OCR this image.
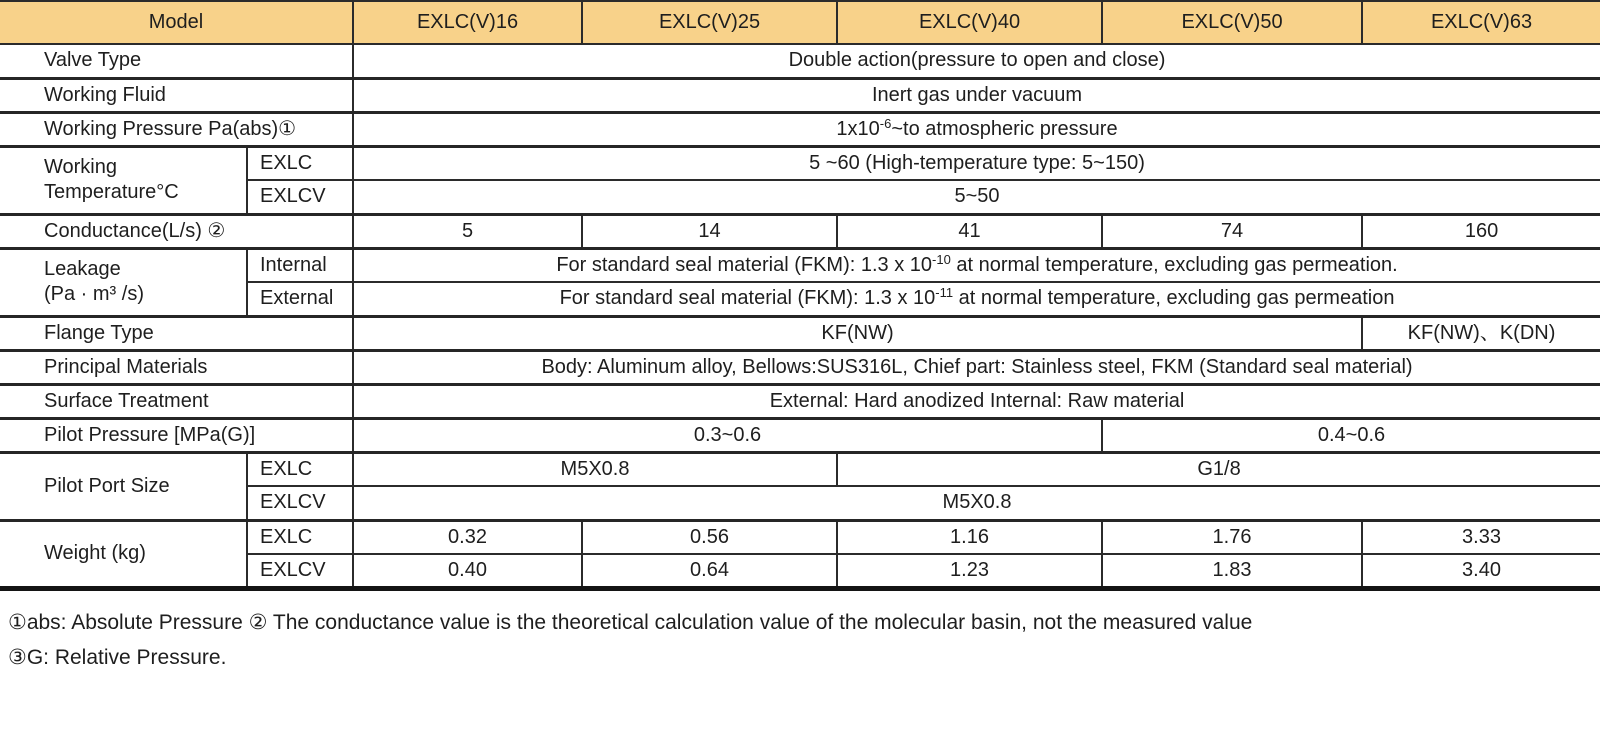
Model		EXLC(V)16	EXLC(V)25	EXLC(V)40	EXLC(V)50	EXLC(V)63
Valve Type		Double action(pressure to open and close)				
Working Fluid		Inert gas under vacuum				
Working Pressure Pa(abs)①		$1x10^{-6}\sim to$ atmospheric pressure				

Working
Temperature°C	EXLC	5 ~60 (High-temperature type: 5~150)				
	EXLCV	5~50				
Conductance(L/s) ②		5	14	41	74	160

Leakage
(Pa · m³ /s)	Internal	For standard seal material (FKM): 1.3 x $10^{-10}$ at normal temperature, excluding gas permeation.				
	External	For standard seal material (FKM): 1.3 x $10^{-11}$ at normal temperature, excluding gas permeation				
Flange Type		KF(NW)				KF(NW)、K(DN)
Principal Materials		Body: Aluminum alloy, Bellows:SUS316L, Chief part: Stainless steel, FKM (Standard seal material)				
Surface Treatment		External: Hard anodized Internal: Raw material				
Pilot Pressure [MPa(G)]		0.3~0.6			0.4~0.6	
Pilot Port Size	EXLC	M5X0.8		G1/8		
	EXLCV	M5X0.8				
Weight (kg)	EXLC	0.32	0.56	1.16	1.76	3.33
	EXLCV	0.40	0.64	1.23	1.83	3.40
①abs: Absolute Pressure ② The conductance value is the theoretical calculation value of the molecular basin, not the measured value
③G: Relative Pressure.
